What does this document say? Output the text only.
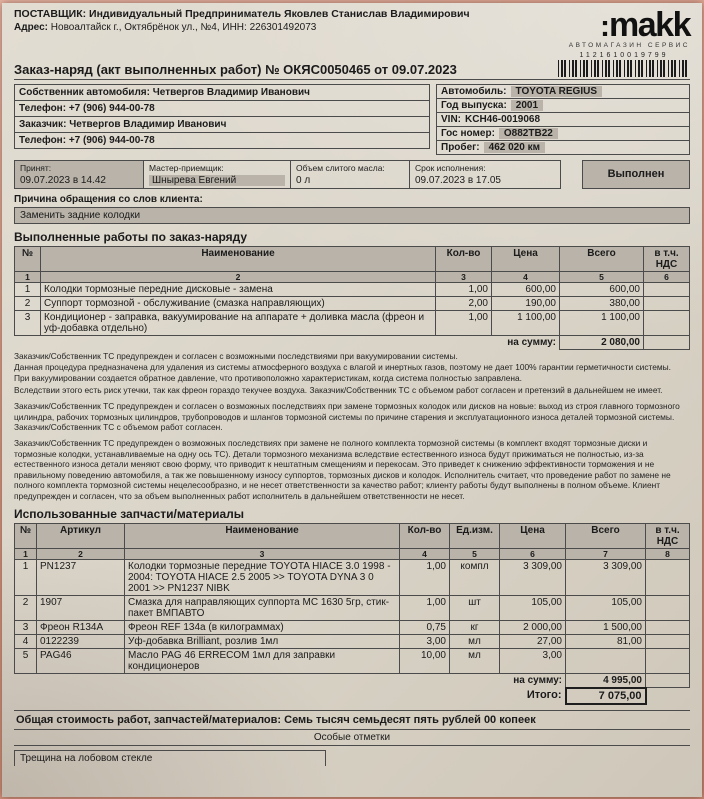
ПОСТАВЩИК: Индивидуальный Предприниматель Яковлев Станислав Владимирович
Адрес: Новоалтайск г., Октябрёнок ул., №4, ИНН: 226301492073	:makk
АВТОМАГАЗИН СЕРВИС
Заказ-наряд (акт выполненных работ) № ОКЯС0050465 от 09.07.2023
1121610019799
Собственник автомобиля: Четвергов Владимир Иванович
Телефон: +7 (906) 944-00-78
Заказчик: Четвергов Владимир Иванович
Телефон: +7 (906) 944-00-78
Автомобиль: TOYOTA REGIUS
Год выпуска: 2001
VIN: KCH46-0019068
Гос номер: О882ТВ22
Пробег: 462 020 км
Принят:
09.07.2023 в 14.42
Мастер-приемщик:
Шнырева Евгений
Объем слитого масла:
0 л
Срок исполнения:
09.07.2023 в 17.05	Выполнен
Причина обращения со слов клиента:
Заменить задние колодки
Выполненные работы по заказ-наряду
№	Наименование	Кол-во	Цена	Всего	в т.ч. НДС
1	2	3	4	5	6
1	Колодки тормозные передние дисковые - замена	1,00	600,00	600,00	
2	Суппорт тормозной - обслуживание (смазка направляющих)	2,00	190,00	380,00	
3	Кондиционер - заправка, вакуумирование на аппарате + доливка масла (фреон и уф-добавка отдельно)	1,00	1 100,00	1 100,00	
на сумму:				2 080,00	

Заказчик/Собственник ТС предупрежден и согласен с возможными последствиями при вакуумировании системы.

Данная процедура предназначена для удаления из системы атмосферного воздуха с влагой и инертных газов, поэтому не дает 100% гарантии герметичности системы.

При вакуумировании создается обратное давление, что противоположно характеристикам, когда система полностью заправлена.

Вследствии этого есть риск утечки, так как фреон гораздо текучее воздуха. Заказчик/Собственник ТС с объемом работ согласен и претензий в дальнейшем не имеет.

Заказчик/Собственник ТС предупрежден и согласен о возможных последствиях при замене тормозных колодок или дисков на новые: выход из строя главного тормозного цилиндра, рабочих тормозных цилиндров, трубопроводов и шлангов тормозной системы по причине старения и эксплуатационного износа деталей тормозной системы. Заказчик/Собственник ТС с объемом работ согласен.

Заказчик/Собственник ТС предупрежден о возможных последствиях при замене не полного комплекта тормозной системы (в комплект входят тормозные диски и тормозные колодки, устанавливаемые на одну ось ТС). Детали тормозного механизма вследствие естественного износа будут прижиматься не полностью, из-за естественного износа детали меняют свою форму, что приводит к нештатным смещениям и перекосам. Это приведет к снижению эффективности торможения и не правильному поведению автомобиля, а так же повышенному износу суппортов, тормозных дисков и колодок. Исполнитель считает, что проведение работ по замене не полного комплекта тормозной системы нецелесообразно, и не несет ответственности за качество работ; клиенту работы будут выполнены в полном объеме. Клиент предупрежден и согласен, что за объем выполненных работ исполнитель в дальнейшем ответственности не несет.

Использованные запчасти/материалы
№	Артикул	Наименование	Кол-во	Ед.изм.	Цена	Всего	в т.ч. НДС
1	2	3	4	5	6	7	8
1	PN1237	Колодки тормозные передние TOYOTA HIACE 3.0 1998 - 2004: TOYOTA HIACE 2.5 2005 >> TOYOTA DYNA 3 0 2001 >> PN1237 NIBK	1,00	компл	3 309,00	3 309,00	
2	1907	Смазка для направляющих суппорта МС 1630 5гр, стик-пакет ВМПАВТО	1,00	шт	105,00	105,00	
3	Фреон R134A	Фреон REF 134a (в килограммах)	0,75	кг	2 000,00	1 500,00	
4	0122239	Уф-добавка Brilliant, розлив 1мл	3,00	мл	27,00	81,00	
5	PAG46	Масло PAG 46 ERRECOM 1мл для заправки кондиционеров	10,00	мл	3,00		
на сумму:						4 995,00	
Итого:						7 075,00	
Общая стоимость работ, запчастей/материалов: Семь тысяч семьдесят пять рублей 00 копеек
Особые отметки
Трещина на лобовом стекле
